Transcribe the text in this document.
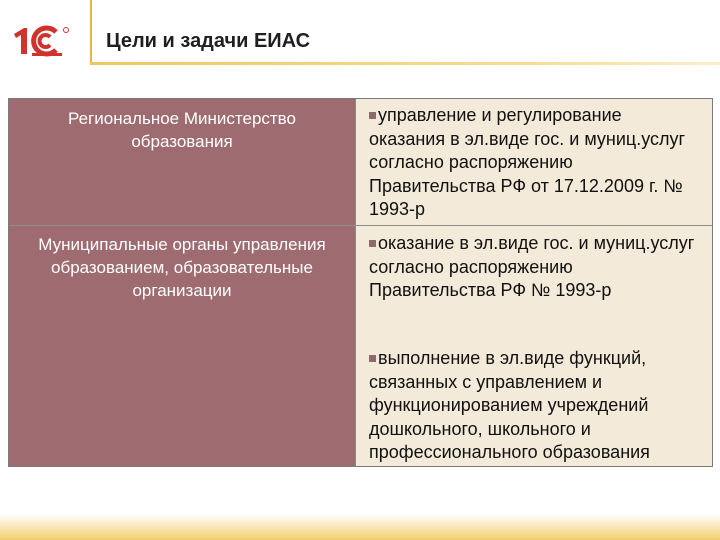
Цели и задачи ЕИАС
Региональное Министерство образования
управление и регулирование оказания в эл.виде гос. и муниц.услуг согласно распоряжению Правительства РФ от 17.12.2009 г. № 1993-р
оказание в эл.виде гос. и муниц.услуг согласно распоряжению Правительства РФ № 1993-р
выполнение в эл.виде функций, связанных с управлением и функционированием учреждений дошкольного, школьного и профессионального образования
Муниципальные органы управления образованием, образовательные организации
